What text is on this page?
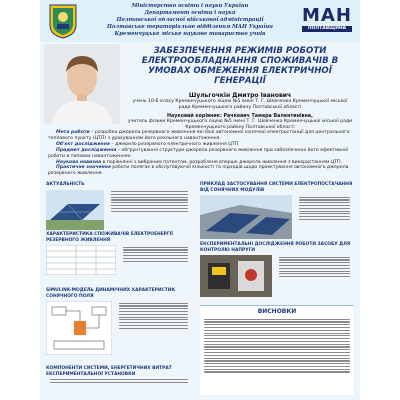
Міністерство освіти і науки України
Департамент освіти і науки
Полтавської обласної військової адміністрації
Полтавське територіальне відділення МАН України
Кременчуцьке міське наукове товариство учнів
МАН
ПОЛТАВЩИНА
ЗАБЕЗПЕЧЕННЯ РЕЖИМІВ РОБОТИ ЕЛЕКТРООБЛАДНАННЯ СПОЖИВАЧІВ В УМОВАХ ОБМЕЖЕННЯ ЕЛЕКТРИЧНОЇ ГЕНЕРАЦІЇ
Шульгочкін Дмитро Іванович
учень 10-Б класу Кременчуцького ліцею №5 імені Т. Г. Шевченка Кременчуцької міської ради Кременчуцького району Полтавської області
Науковий керівник: Рачкевич Тамара Валентинівна,
учитель фізики Кременчуцького ліцею №5 імені Т. Г. Шевченка Кременчуцької міської ради Кременчуцького району Полтавської області

Мета роботи – розробка джерела резервного живлення які базі автономної сонячної електростанції для центрального теплового пункту (ЦТП) з урахуванням його реального навантаження.

Об'єкт дослідження – джерело резервного електричного живлення ЦТП.

Предмет дослідження – обґрунтування структури джерела резервного живлення при забезпеченні його ефективної роботи в типових навантаженнях.

Наукова новизна в порівнянні з вибраним патентом, розроблене вперше джерела живлення з використанням ЦТП.

Практичне значення роботи полягає в обслуговуючої кількості та підходів щодо проектування автономного джерела резервного живлення.

АКТУАЛЬНІСТЬ
ХАРАКТЕРИСТИКА СПОЖИВАЧІВ ЕЛЕКТРОЕНЕРГІЇ РЕЗЕРВНОГО ЖИВЛЕННЯ
SIMULINK-МОДЕЛЬ ДИНАМІЧНИХ ХАРАКТЕРИСТИК СОНЯЧНОГО ПОЛЯ
КОМПОНЕНТИ СИСТЕМИ, ЕНЕРГЕТИЧНИХ ВИТРАТ ЕКСПЕРИМЕНТАЛЬНОЇ УСТАНОВКИ
ПРИКЛАД ЗАСТОСУВАННЯ СИСТЕМИ ЕЛЕКТРОПОСТАЧАННЯ ВІД СОНЯЧНИХ МОДУЛІВ
ЕКСПЕРИМЕНТАЛЬНІ ДОСЛІДЖЕННЯ РОБОТИ ЗАСОБУ ДЛЯ КОНТРОЛЮ НАПРУГИ
ВИСНОВКИ
